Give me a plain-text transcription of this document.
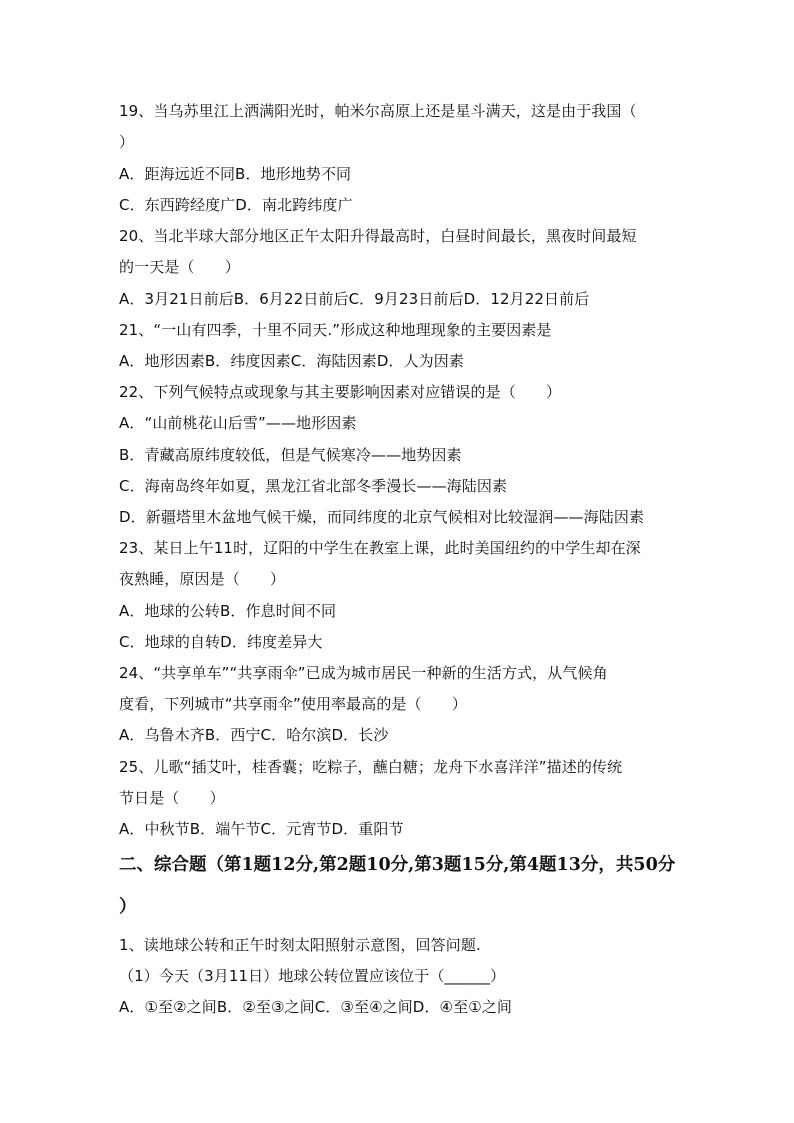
19、当乌苏里江上洒满阳光时，帕米尔高原上还是星斗满天，这是由于我国（
）
A．距海远近不同B．地形地势不同
C．东西跨经度广D．南北跨纬度广
20、当北半球大部分地区正午太阳升得最高时，白昼时间最长，黑夜时间最短
的一天是（　　）
A．3月21日前后B．6月22日前后C．9月23日前后D．12月22日前后
21、“一山有四季，十里不同天.”形成这种地理现象的主要因素是
A．地形因素B．纬度因素C．海陆因素D．人为因素
22、下列气候特点或现象与其主要影响因素对应错误的是（　　）
A．“山前桃花山后雪”——地形因素
B．青藏高原纬度较低，但是气候寒冷——地势因素
C．海南岛终年如夏，黑龙江省北部冬季漫长——海陆因素
D．新疆塔里木盆地气候干燥，而同纬度的北京气候相对比较湿润——海陆因素
23、某日上午11时，辽阳的中学生在教室上课，此时美国纽约的中学生却在深
夜熟睡，原因是（　　）
A．地球的公转B．作息时间不同
C．地球的自转D．纬度差异大
24、“共享单车”“共享雨伞”已成为城市居民一种新的生活方式，从气候角
度看，下列城市“共享雨伞”使用率最高的是（　　）
A．乌鲁木齐B．西宁C．哈尔滨D．长沙
25、儿歌“插艾叶，桂香囊；吃粽子，蘸白糖；龙舟下水喜洋洋”描述的传统
节日是（　　）
A．中秋节B．端午节C．元宵节D．重阳节
二、综合题（第1题12分,第2题10分,第3题15分,第4题13分，共50分
）
1、读地球公转和正午时刻太阳照射示意图，回答问题.
（1）今天（3月11日）地球公转位置应该位于（______）
A．①至②之间B．②至③之间C．③至④之间D．④至①之间
